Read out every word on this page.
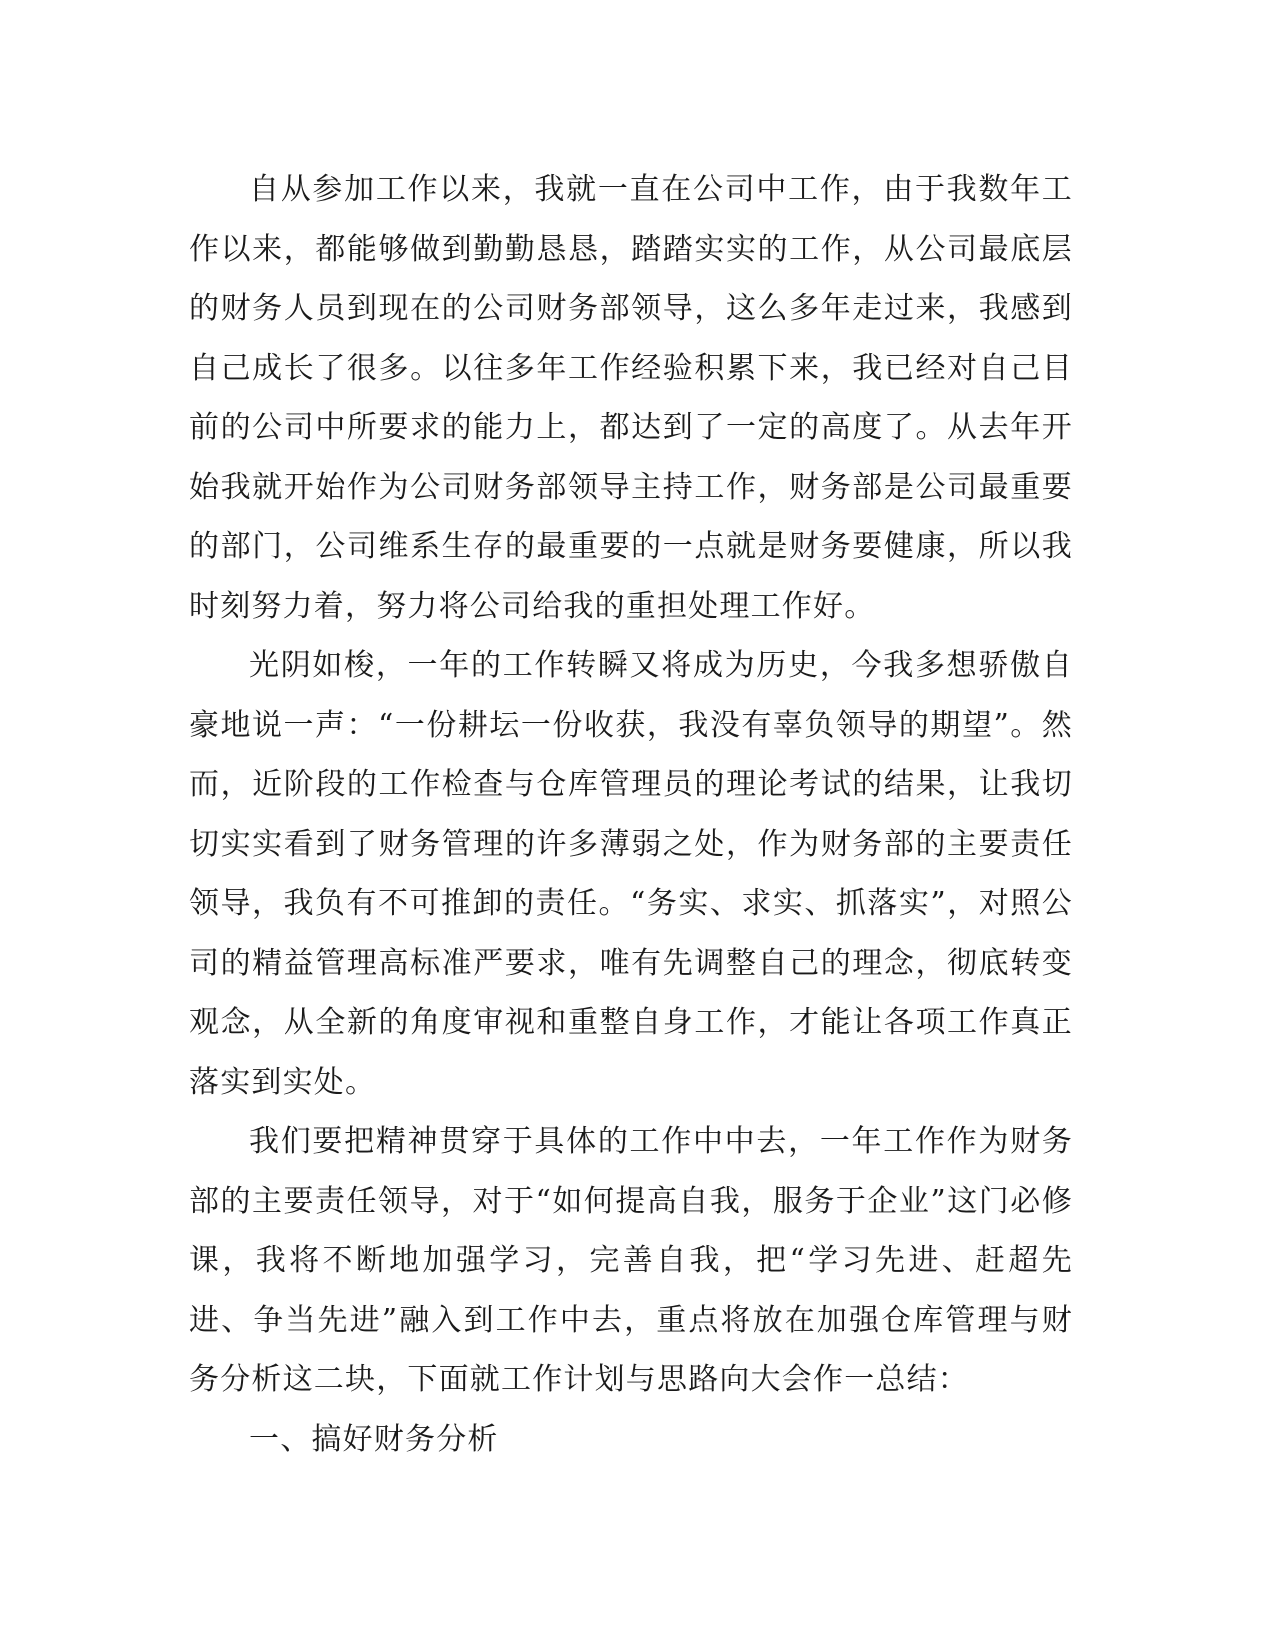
自从参加工作以来，我就一直在公司中工作，由于我数年工作以来，都能够做到勤勤恳恳，踏踏实实的工作，从公司最底层的财务人员到现在的公司财务部领导，这么多年走过来，我感到自己成长了很多。以往多年工作经验积累下来，我已经对自己目前的公司中所要求的能力上，都达到了一定的高度了。从去年开始我就开始作为公司财务部领导主持工作，财务部是公司最重要的部门，公司维系生存的最重要的一点就是财务要健康，所以我时刻努力着，努力将公司给我的重担处理工作好。

光阴如梭，一年的工作转瞬又将成为历史，今我多想骄傲自豪地说一声：“一份耕坛一份收获，我没有辜负领导的期望”。然而，近阶段的工作检查与仓库管理员的理论考试的结果，让我切切实实看到了财务管理的许多薄弱之处，作为财务部的主要责任领导，我负有不可推卸的责任。“务实、求实、抓落实”，对照公司的精益管理高标准严要求，唯有先调整自己的理念，彻底转变观念，从全新的角度审视和重整自身工作，才能让各项工作真正落实到实处。

我们要把精神贯穿于具体的工作中中去，一年工作作为财务部的主要责任领导，对于“如何提高自我，服务于企业”这门必修课，我将不断地加强学习，完善自我，把“学习先进、赶超先进、争当先进”融入到工作中去，重点将放在加强仓库管理与财务分析这二块，下面就工作计划与思路向大会作一总结：

一、搞好财务分析
